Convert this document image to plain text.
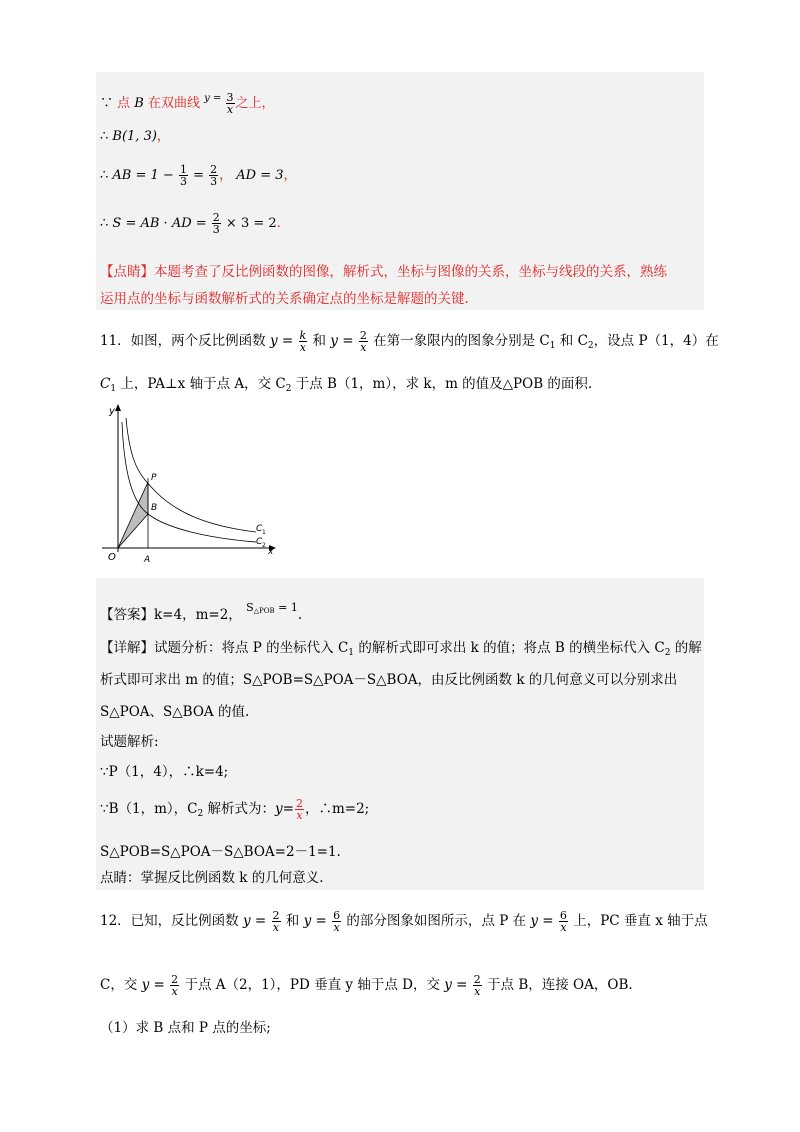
∵ 点 B 在双曲线 $^y$ $^= \frac{3}{x}$ 之上，
∴ B(1, 3)，
∴ AB = $1 - \frac{1}{3} = \frac{2}{3}$ ， AD = 3，
∴ S = AB · AD = $\frac{2}{3} \times 3 = 2$.
【点睛】本题考查了反比例函数的图像，解析式，坐标与图像的关系，坐标与线段的关系，熟练
运用点的坐标与函数解析式的关系确定点的坐标是解题的关键.
11．如图，两个反比例函数 $y = \frac{k}{x}$ 和 $y = \frac{2}{x}$ 在第一象限内的图象分别是 $C_1$ 和 $C_2$，设点 P（1，4）在
$C_1$ 上，PA⊥x 轴于点 A，交 $C_2$ 于点 B（1，m），求 k，m 的值及△POB 的面积.
y
x
O
P
B
A
C 1
C 2
【答案】k=4，m=2， $^{S\triangle POB}$ $^{= 1}$.
【详解】试题分析：将点 P 的坐标代入 $C_1$ 的解析式即可求出 k 的值；将点 B 的横坐标代入 $C_2$ 的解
析式即可求出 m 的值；S△POB=S△POA－S△BOA，由反比例函数 k 的几何意义可以分别求出
S△POA、S△BOA 的值.
试题解析:
∵P（1，4），∴k=4;
∵B（1，m），$C_2$ 解析式为：$y= \frac{2}{x}$ ，∴m=2;
S△POB=S△POA－S△BOA=2－1=1.
点睛：掌握反比例函数 k 的几何意义.
12．已知，反比例函数 $y = \frac{2}{x}$ 和 $y = \frac{6}{x}$ 的部分图象如图所示，点 P 在 $y = \frac{6}{x}$ 上，PC 垂直 x 轴于点
C，交 $y = \frac{2}{x}$ 于点 A（2，1），PD 垂直 y 轴于点 D，交 $y = \frac{2}{x}$ 于点 B，连接 OA，OB.
（1）求 B 点和 P 点的坐标;
